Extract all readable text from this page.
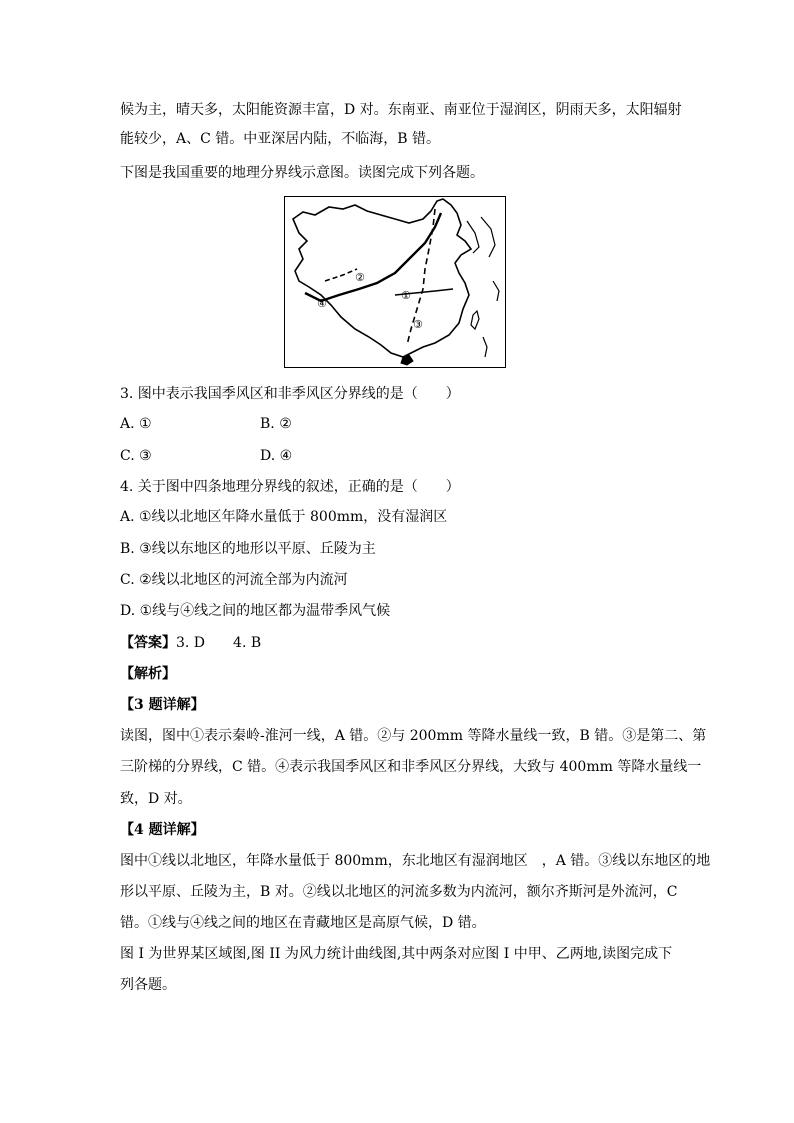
候为主，晴天多，太阳能资源丰富，D 对。东南亚、南亚位于湿润区，阴雨天多，太阳辐射
能较少，A、C 错。中亚深居内陆，不临海，B 错。
下图是我国重要的地理分界线示意图。读图完成下列各题。
②
④
①
③
3. 图中表示我国季风区和非季风区分界线的是（　　）
A. ①	B. ②
C. ③	D. ④
4. 关于图中四条地理分界线的叙述，正确的是（　　）
A. ①线以北地区年降水量低于 800mm，没有湿润区
B. ③线以东地区的地形以平原、丘陵为主
C. ②线以北地区的河流全部为内流河
D. ①线与④线之间的地区都为温带季风气候
【答案】3. D　　4. B
【解析】
【3 题详解】
读图，图中①表示秦岭-淮河一线，A 错。②与 200mm 等降水量线一致，B 错。③是第二、第
三阶梯的分界线，C 错。④表示我国季风区和非季风区分界线，大致与 400mm 等降水量线一
致，D 对。
【4 题详解】
图中①线以北地区，年降水量低于 800mm，东北地区有湿润地区　，A 错。③线以东地区的地
形以平原、丘陵为主，B 对。②线以北地区的河流多数为内流河，额尔齐斯河是外流河，C
错。①线与④线之间的地区在青藏地区是高原气候，D 错。
图 I 为世界某区域图,图 II 为风力统计曲线图,其中两条对应图 I 中甲、乙两地,读图完成下
列各题。
